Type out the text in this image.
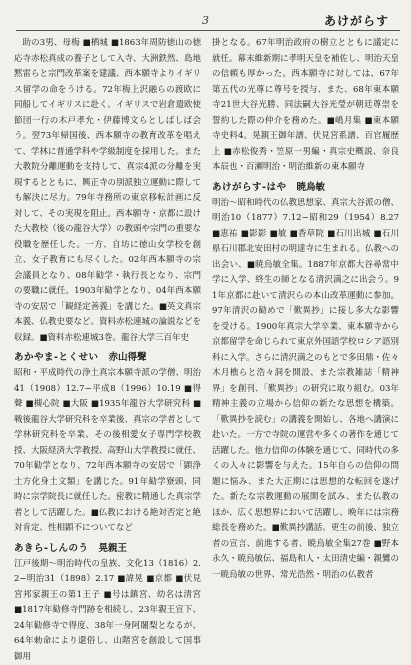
3	あけがらす

助の3男、母梅 ■栖城 ■1863年周防徳山の徳応寺赤松真成の養子として入寺、大洲鉄然、島地黙雷らと宗門改革案を建議、西本願寺よりイギリス留学の命をうける。72年梅上沢融らの渡欧に同船してイギリスに赴く。イギリスで岩倉遣欧使節団一行の木戸孝允・伊藤博文らとしばしば会う。翌73年帰国後、西本願寺の教育改革を唱えて、学林に普通学科や学級制度を採用した。また大教院分離運動を支持して、真宗4派の分離を実現するとともに、興正寺の別派独立運動に際しても解決に尽力。79年寺務所の東京移転計画に反対して、その実現を阻止。西本願寺・京都に設けた大教校（後の龍谷大学）の教頭や宗門の重要な役職を歴任した。一方、自坊に徳山女学校を創立、女子教育にも尽くした。02年西本願寺の宗会議員となり、08年勧学・執行長となり、宗門の要職に就任。1903年勧学となり、04年西本願寺の安居で「観経定善義」を講じた。■英文真宗本義、仏教史要など。資料赤松連城の論説などを収録。■資料赤松連城3巻。龍谷大学三百年史

あかやま-とくせい 赤山得聲

昭和・平成時代の浄土真宗本願寺派の学僧、明治41（1908）12.7−平成8（1996）10.19 ■得聲 ■槻心院 ■大阪 ■1935年龍谷大学研究科 ■戦後龍谷大学研究科を卒業後、真宗の学者として学林研究科を卒業、その後相愛女子専門学校教授、大阪経済大学教授、高野山大学教授に就任、70年勧学となり、72年西本願寺の安居で「顕浄土方化身土文類」を講じた。91年勧学寮頭、同時に宗学院長に就任した。密教に精通した真宗学者として活躍した。■仏教における絶対否定と絶対肯定、性相顕不についてなど

あきら-しんのう 晃親王

江戸後期〜明治時代の皇族、文化13（1816）2.2−明治31（1898）2.17 ■諱晃 ■京都 ■伏見宮邦家親王の第1王子 ■号は鎮宮、幼名は清宮 ■1817年勧修寺門跡を相続し、23年親王宣下、24年勧修寺で得度、38年一身阿闍梨となるが、64年勅命により還俗し、山階宮を創設して国事御用

掛となる。67年明治政府の樹立とともに議定に就任。幕末維新期に孝明天皇を補佐し、明治天皇の信頼も厚かった。西本願寺に対しては、67年第五代の光尊に尊号を授与、また、68年東本願寺21世大谷光勝、同法嗣大谷光瑩が朝廷尊崇を誓約した際の仲介を務めた。■嶋月集 ■東本願寺史料4。晃親王御年譜、伏見宮系譜、百官履歴上 ■赤松俊秀・笠原一男編・真宗史概説、奈良本辰也・百瀬明治・明治維新の東本願寺

あけがらす-はや 暁烏敏

明治〜昭和時代の仏教思想家、真宗大谷派の僧、明治10（1877）7.12−昭和29（1954）8.27 ■恵祐 ■影影 ■敏 ■香草院 ■石川出城 ■石川県石川郡北安田村の明達寺に生まれる。仏教への出会い、■暁烏敏全集。1887年京都大谷尋常中学に入学、終生の師となる清沢満之に出会う。91年京都に赴いて清沢らの本山改革運動に参加。97年清沢の勧めで「歎異抄」に接し多大な影響を受ける。1900年真宗大学卒業、東本願寺から京都留学を命じられて東京外国語学校ロシア語別科に入学。さらに清沢満之のもとで多田鼎・佐々木月樵らと浩々洞を開設、また宗教雑誌「精神界」を創刊、「歎異抄」の研究に取り組む。03年精神主義の立場から信仰の新たな思想を構築。「歎異抄を読む」の講義を開始し、各地へ講演に赴いた。一方で寺院の運営や多くの著作を通じて活躍した。他力信仰の体験を通じて、同時代の多くの人々に影響を与えた。15年自らの信仰の問題に悩み、また大正期には思想的な転回を遂げた。新たな宗教運動の展開を試み、また仏教のほか、広く思想界において活躍し、晩年には宗務総長を務めた。■歎異抄講話、更生の前後、独立者の宣言、前進する者、暁烏敏全集27巻 ■野本永久・暁烏敏伝、福島和人・太田清史編・親鸞の一暁烏敏の世界、常光浩然・明治の仏教者
